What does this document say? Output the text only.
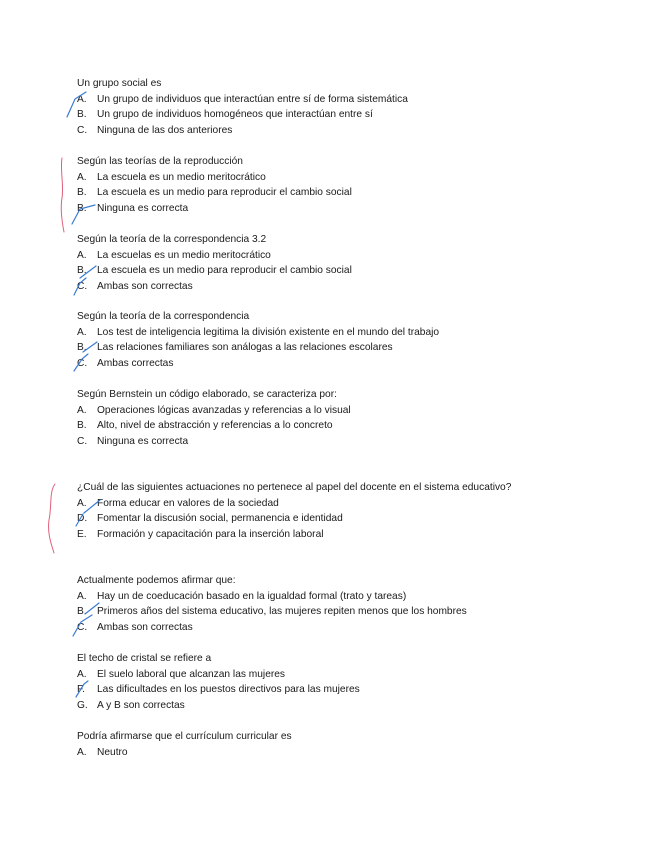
Un grupo social es

A.	Un grupo de individuos que interactúan entre sí de forma sistemática
B.	Un grupo de individuos homogéneos que interactúan entre sí
C. Ninguna de las dos anteriores

Según las teorías de la reproducción

A.	La escuela es un medio meritocrático
B.	La escuela es un medio para reproducir el cambio social
B.	Ninguna es correcta

Según la teoría de la correspondencia 3.2

A.	La escuelas es un medio meritocrático
B.	La escuela es un medio para reproducir el cambio social
C. Ambas son correctas

Según la teoría de la correspondencia

A.	Los test de inteligencia legitima la división existente en el mundo del trabajo
B.	Las relaciones familiares son análogas a las relaciones escolares
C. Ambas correctas

Según Bernstein un código elaborado, se caracteriza por:

A.	Operaciones lógicas avanzadas y referencias a lo visual
B.	Alto, nivel de abstracción y referencias a lo concreto
C. Ninguna es correcta

¿Cuál de las siguientes actuaciones no pertenece al papel del docente en el sistema educativo?

A.	Forma educar en valores de la sociedad
D. Fomentar la discusión social, permanencia e identidad
E.	Formación y capacitación para la inserción laboral

Actualmente podemos afirmar que:

A.	Hay un de coeducación basado en la igualdad formal (trato y tareas)
B.	Primeros años del sistema educativo, las mujeres repiten menos que los hombres
C. Ambas son correctas

El techo de cristal se refiere a

A.	El suelo laboral que alcanzan las mujeres
F.	Las dificultades en los puestos directivos para las mujeres
G. A y B son correctas

Podría afirmarse que el currículum curricular es

A.	Neutro
